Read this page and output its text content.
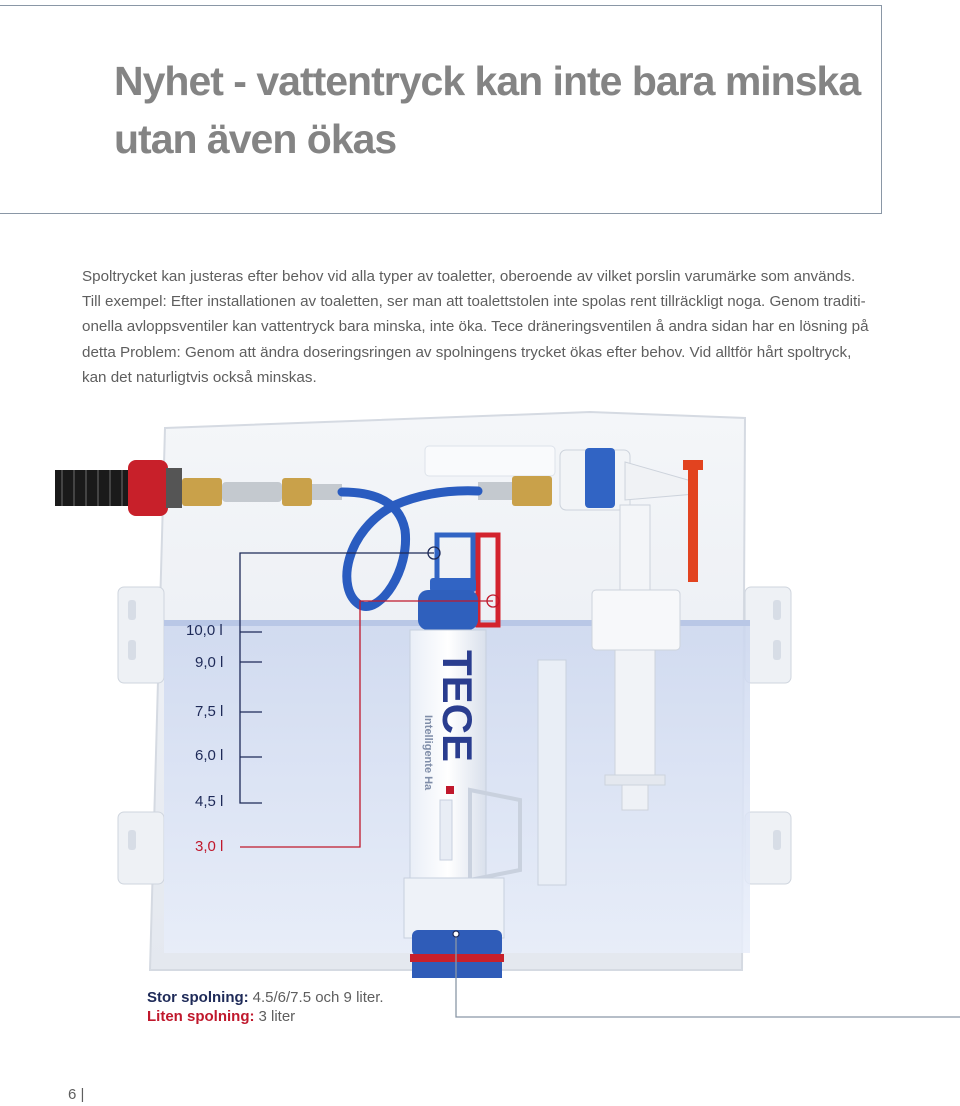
Nyhet - vattentryck kan inte bara minska
utan även ökas

Spoltrycket kan justeras efter behov vid alla typer av toaletter, oberoende av vilket porslin varumärke som används.
Till exempel: Efter installationen av toaletten, ser man att toalettstolen inte spolas rent tillräckligt noga. Genom traditi-
onella avloppsventiler kan vattentryck bara minska, inte öka. Tece dräneringsventilen å andra sidan har en lösning på
detta Problem: Genom att ändra doseringsringen av spolningens trycket ökas efter behov. Vid alltför hårt spoltryck,
kan det naturligtvis också minskas.

TECE
Intelligente Ha
10,0 l
9,0 l
7,5 l
6,0 l
4,5 l
3,0 l
Stor spolning: 4.5/6/7.5 och 9 liter.
Liten spolning: 3 liter
6 |
